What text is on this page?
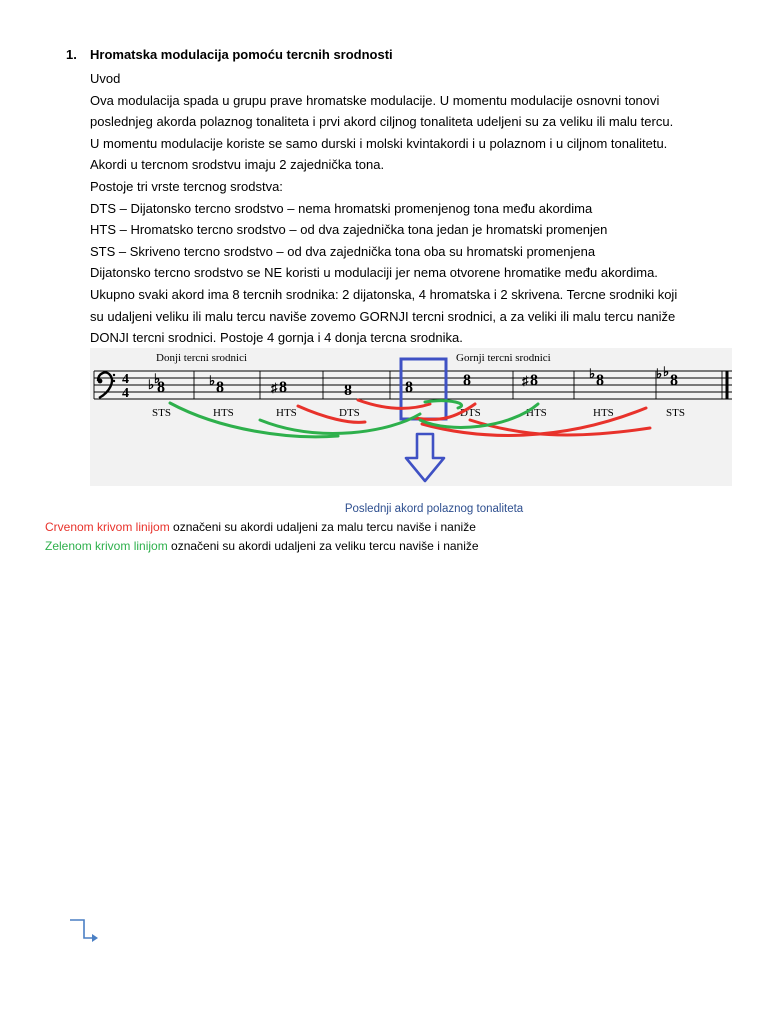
1. Hromatska modulacija pomoću tercnih srodnosti
Uvod
Ova modulacija spada u grupu prave hromatske modulacije. U momentu modulacije osnovni tonovi
poslednjeg akorda polaznog tonaliteta i prvi akord ciljnog tonaliteta udeljeni su za veliku ili malu tercu.
U momentu modulacije koriste se samo durski i molski kvintakordi i u polaznom i u ciljnom tonalitetu.
Akordi u tercnom srodstvu imaju 2 zajednička tona.
Postoje tri vrste tercnog srodstva:
DTS – Dijatonsko tercno srodstvo – nema hromatski promenjenog tona među akordima
HTS – Hromatsko tercno srodstvo – od dva zajednička tona jedan je hromatski promenjen
STS – Skriveno tercno srodstvo – od dva zajednička tona oba su hromatski promenjena
Dijatonsko tercno srodstvo se NE koristi u modulaciji jer nema otvorene hromatike među akordima.
Ukupno svaki akord ima 8 tercnih srodnika: 2 dijatonska, 4 hromatska i 2 skrivena. Tercne srodniki koji
su udaljeni veliku ili malu tercu naviše zovemo GORNJI tercni srodnici, a za veliki ili malu tercu naniže
DONJI tercni srodnici. Postoje 4 gornja i 4 donja tercna srodnika.
4
4
Donji tercni srodnici	Gornji tercni srodnici
♭ ♭
8	♭ 8	♯ 8	8	8	8	♯ 8	♭ 8	♭ ♭
8
STS	HTS	HTS	DTS	DTS	HTS	HTS	STS
Poslednji akord polaznog tonaliteta
Crvenom krivom linijom označeni su akordi udaljeni za malu tercu naviše i naniže
Zelenom krivom linijom označeni su akordi udaljeni za veliku tercu naviše i naniže
